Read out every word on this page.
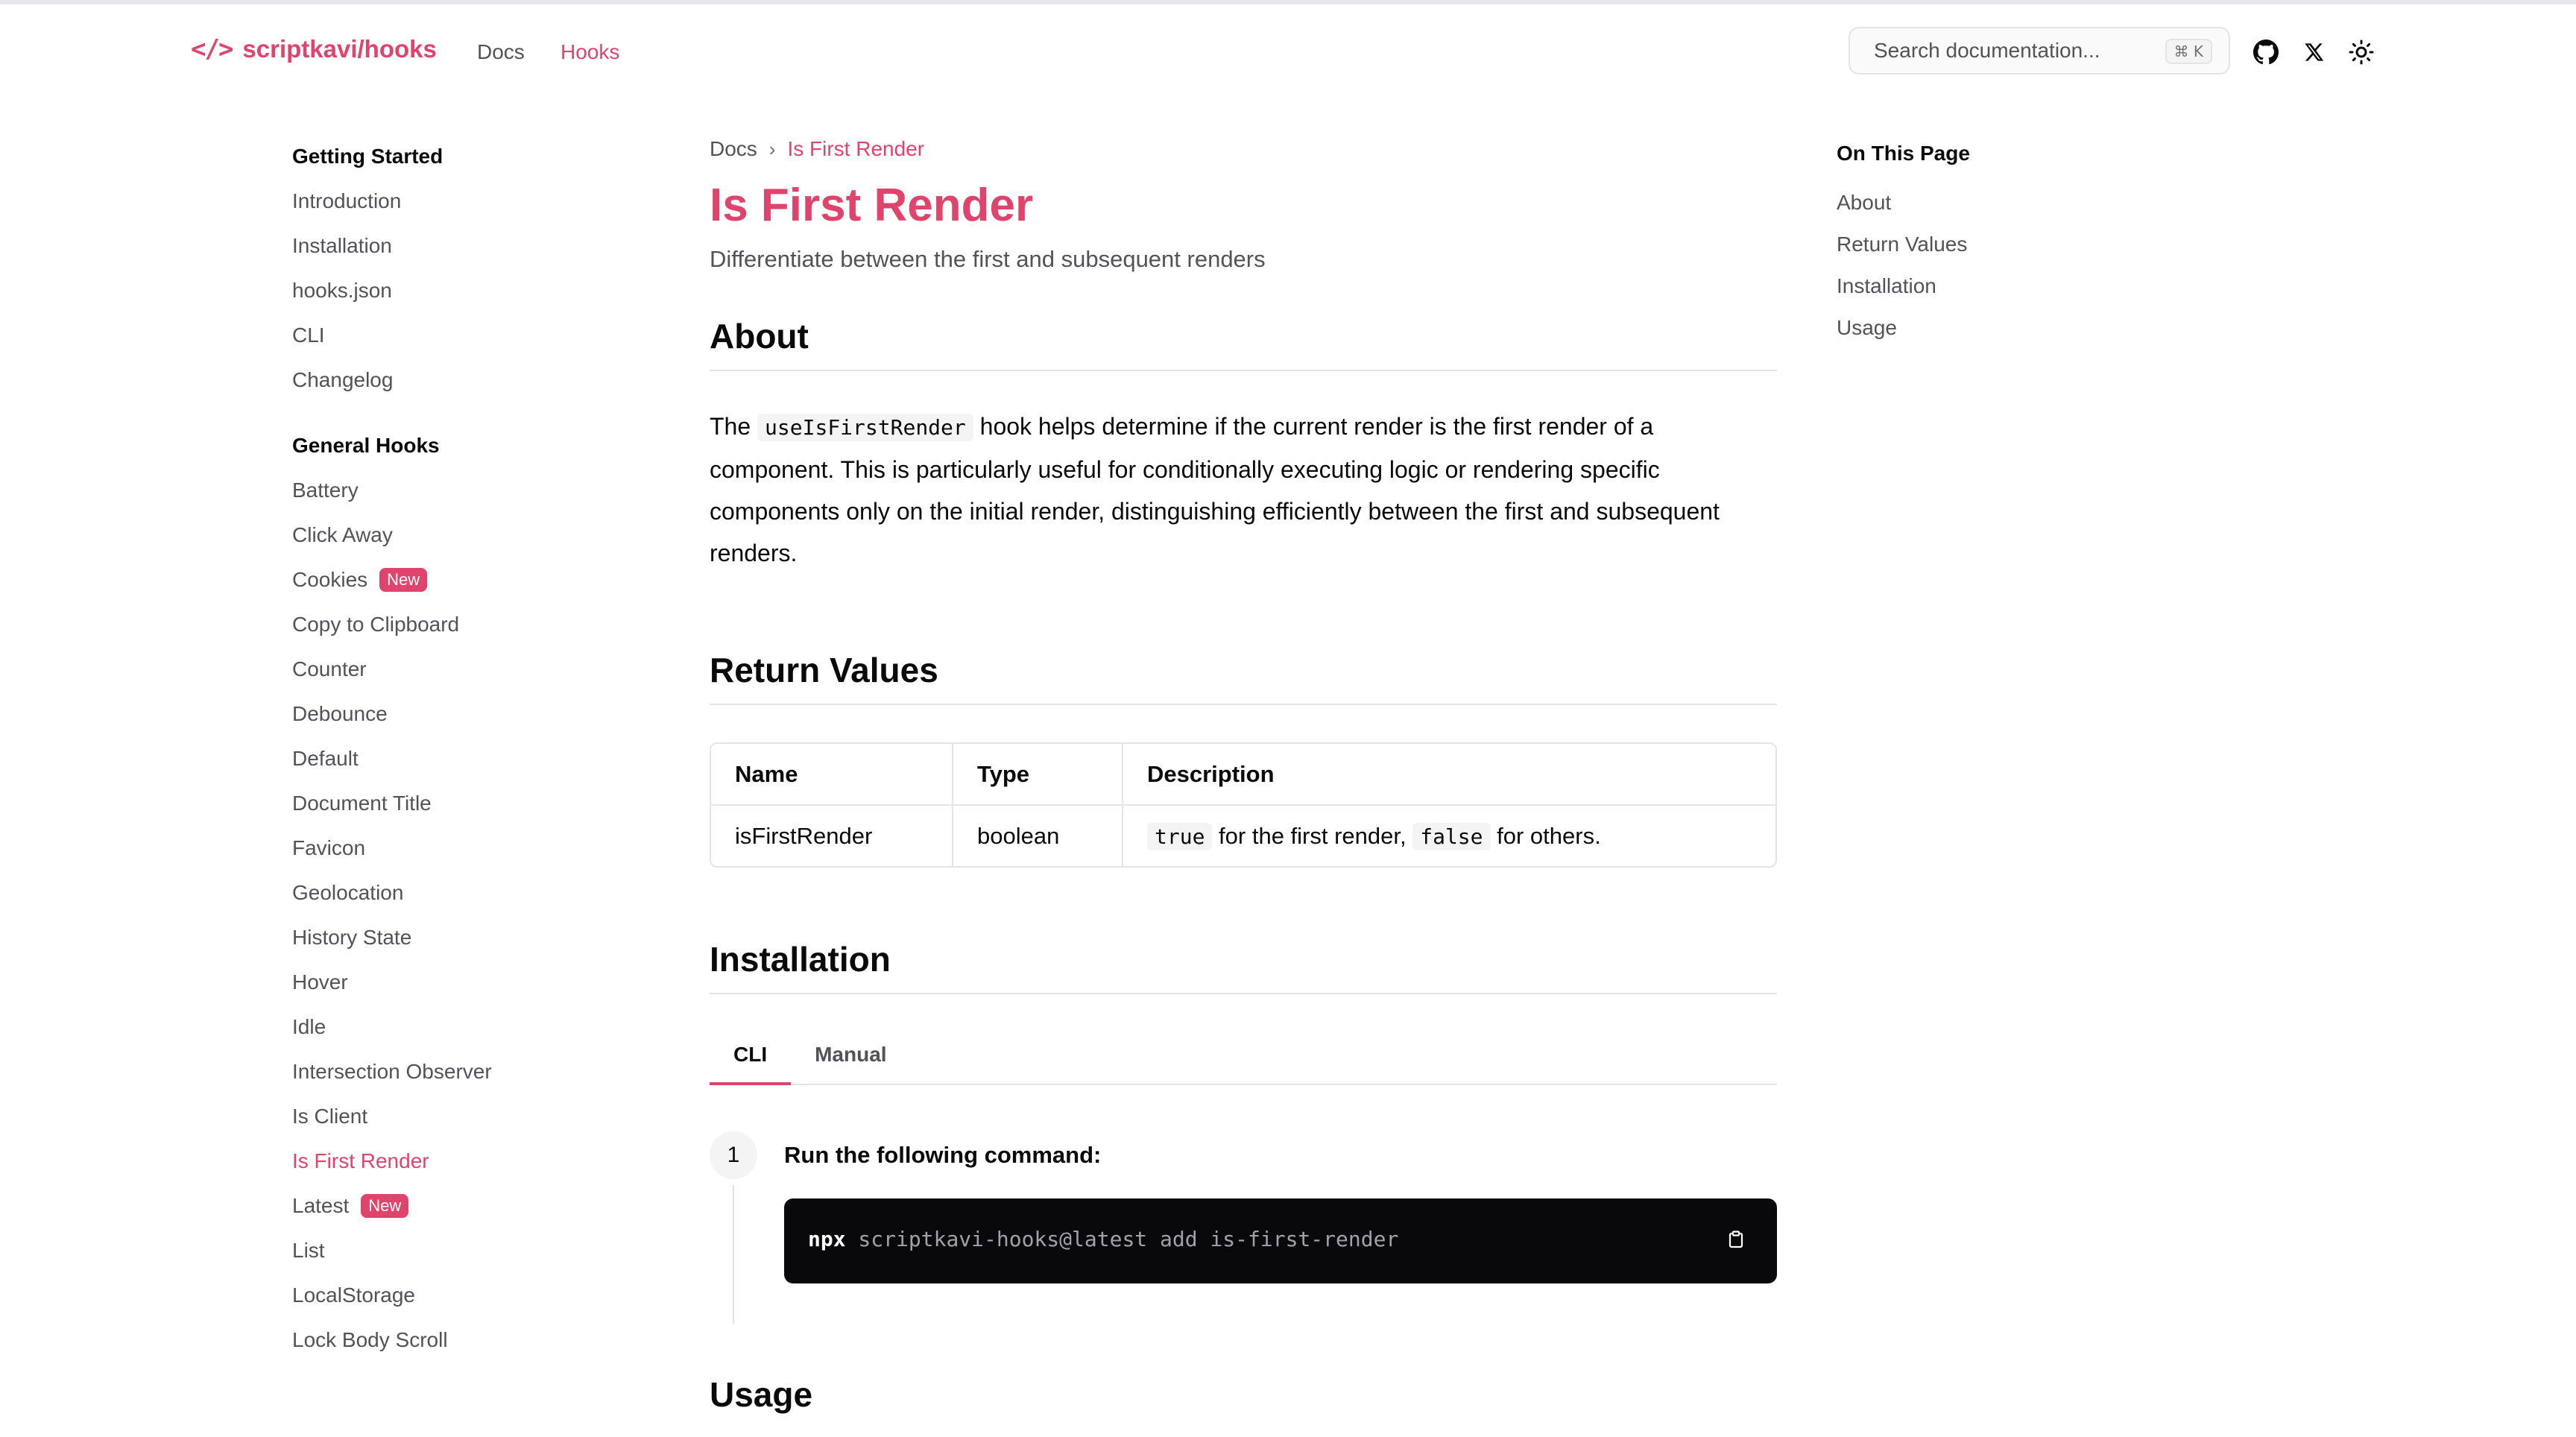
</> scriptkavi/hooks Docs Hooks
Search documentation...	⌘ K
Getting Started
Introduction
Installation
hooks.json
CLI
Changelog
General Hooks
Battery
Click Away
Cookies	New
Copy to Clipboard
Counter
Debounce
Default
Document Title
Favicon
Geolocation
History State
Hover
Idle
Intersection Observer
Is Client
Is First Render
Latest	New
List
LocalStorage
Lock Body Scroll
Docs › Is First Render
Is First Render

Differentiate between the first and subsequent renders

About

The useIsFirstRender hook helps determine if the current render is the first render of a component. This is particularly useful for conditionally executing logic or rendering specific components only on the initial render, distinguishing efficiently between the first and subsequent renders.

Return Values
Name	Type	Description
isFirstRender	boolean	true for the first render, false for others.
Installation
CLI	Manual
1	Run the following command:
npx scriptkavi-hooks@latest add is-first-render
Usage
On This Page
About
Return Values
Installation
Usage
